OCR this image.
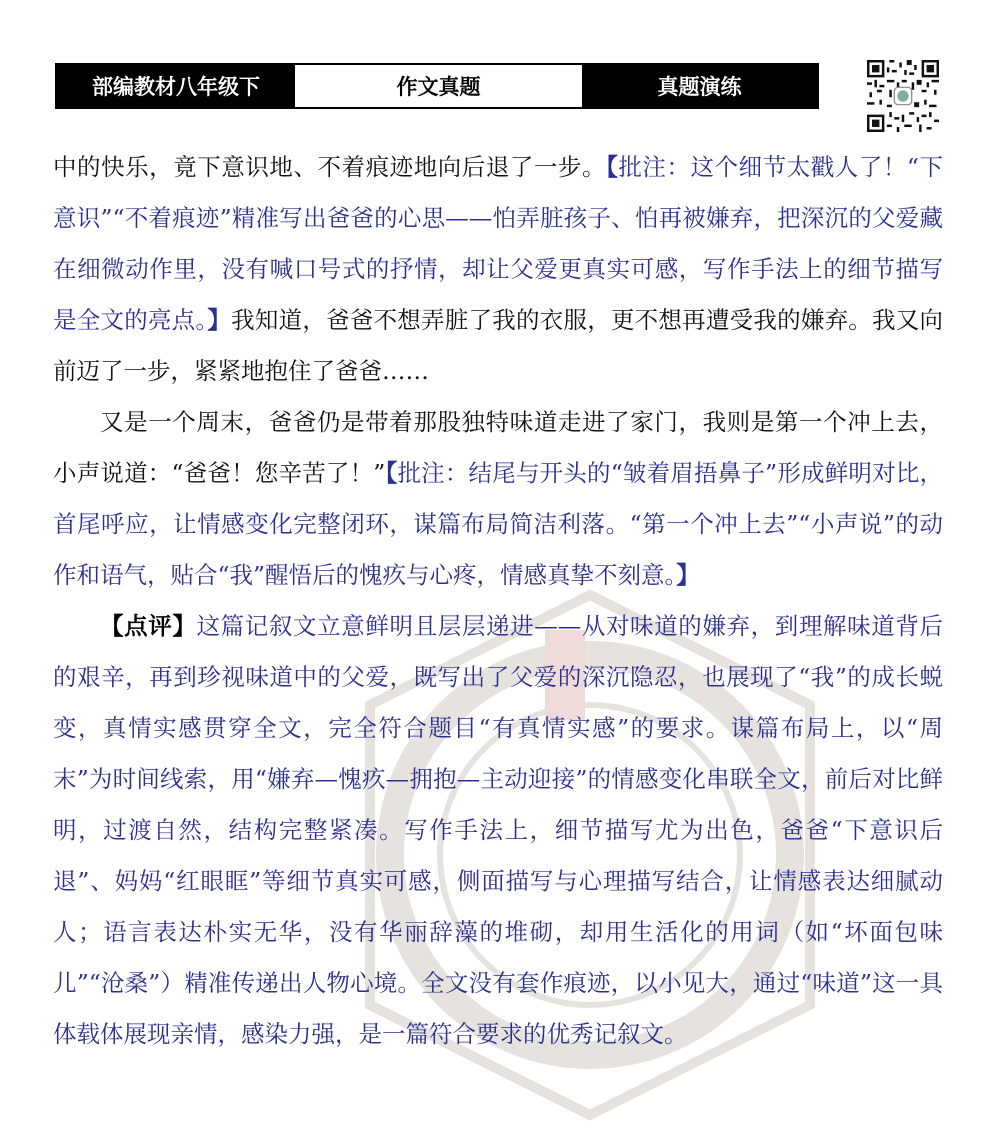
部编教材八年级下	作文真题	真题演练

中的快乐，竟下意识地、不着痕迹地向后退了一步。【批注：这个细节太戳人了！“下意识”“不着痕迹”精准写出爸爸的心思——怕弄脏孩子、怕再被嫌弃，把深沉的父爱藏在细微动作里，没有喊口号式的抒情，却让父爱更真实可感，写作手法上的细节描写是全文的亮点。】我知道，爸爸不想弄脏了我的衣服，更不想再遭受我的嫌弃。我又向前迈了一步，紧紧地抱住了爸爸……

又是一个周末，爸爸仍是带着那股独特味道走进了家门，我则是第一个冲上去，小声说道：“爸爸！您辛苦了！”【批注：结尾与开头的“皱着眉捂鼻子”形成鲜明对比，首尾呼应，让情感变化完整闭环，谋篇布局简洁利落。“第一个冲上去”“小声说”的动作和语气，贴合“我”醒悟后的愧疚与心疼，情感真挚不刻意。】

【点评】这篇记叙文立意鲜明且层层递进——从对味道的嫌弃，到理解味道背后的艰辛，再到珍视味道中的父爱，既写出了父爱的深沉隐忍，也展现了“我”的成长蜕变，真情实感贯穿全文，完全符合题目“有真情实感”的要求。谋篇布局上，以“周末”为时间线索，用“嫌弃—愧疚—拥抱—主动迎接”的情感变化串联全文，前后对比鲜明，过渡自然，结构完整紧凑。写作手法上，细节描写尤为出色，爸爸“下意识后退”、妈妈“红眼眶”等细节真实可感，侧面描写与心理描写结合，让情感表达细腻动人；语言表达朴实无华，没有华丽辞藻的堆砌，却用生活化的用词（如“坏面包味儿”“沧桑”）精准传递出人物心境。全文没有套作痕迹，以小见大，通过“味道”这一具体载体展现亲情，感染力强，是一篇符合要求的优秀记叙文。
